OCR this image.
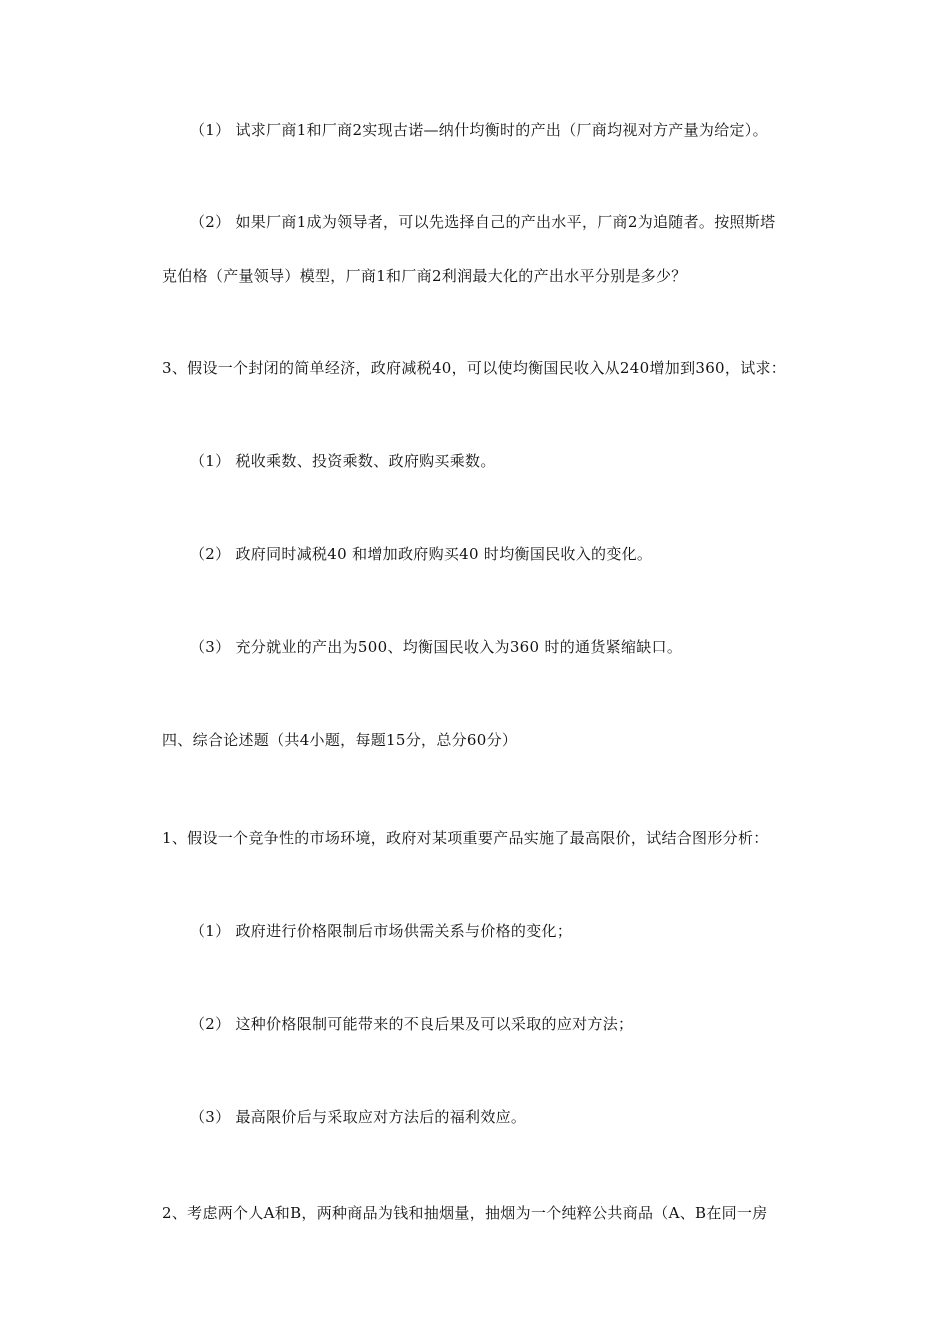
（1） 试求厂商1和厂商2实现古诺—纳什均衡时的产出（厂商均视对方产量为给定）。

（2） 如果厂商1成为领导者，可以先选择自己的产出水平，厂商2为追随者。按照斯塔

克伯格（产量领导）模型，厂商1和厂商2利润最大化的产出水平分别是多少？

3、假设一个封闭的简单经济，政府减税40，可以使均衡国民收入从240增加到360，试求：

（1） 税收乘数、投资乘数、政府购买乘数。

（2） 政府同时减税40 和增加政府购买40 时均衡国民收入的变化。

（3） 充分就业的产出为500、均衡国民收入为360 时的通货紧缩缺口。

四、综合论述题（共4小题，每题15分，总分60分）

1、假设一个竞争性的市场环境，政府对某项重要产品实施了最高限价，试结合图形分析：

（1） 政府进行价格限制后市场供需关系与价格的变化；

（2） 这种价格限制可能带来的不良后果及可以采取的应对方法；

（3） 最高限价后与采取应对方法后的福利效应。

2、考虑两个人A和B，两种商品为钱和抽烟量，抽烟为一个纯粹公共商品（A、B在同一房
